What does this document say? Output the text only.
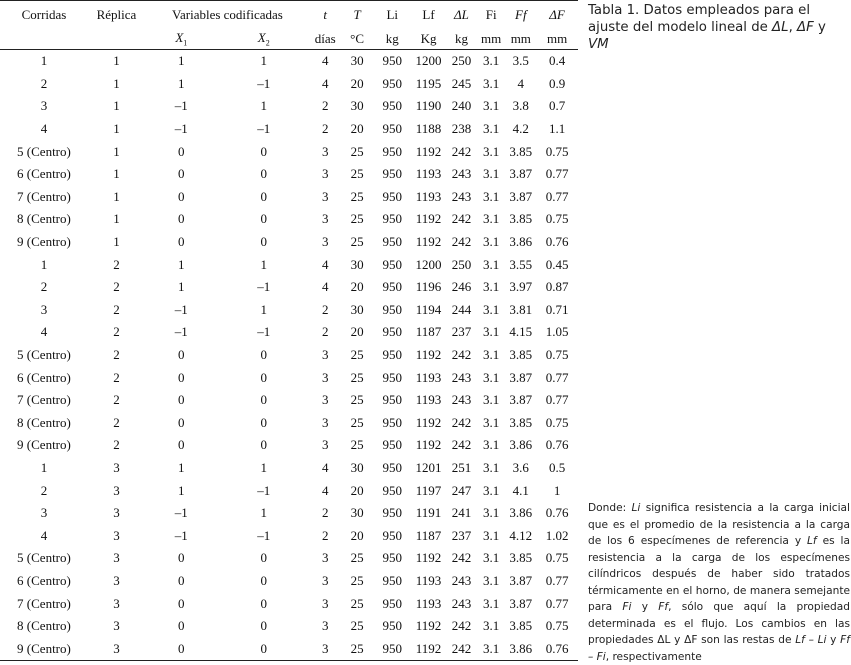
Corridas	Réplica	Variables codificadas		t	T	Li	Lf	ΔL	Fi	Ff	ΔF
		$X_1$	$X_2$	días	°C	kg	Kg	kg	mm	mm	mm
1	1	1	1	4	30	950	1200	250	3.1	3.5	0.4
2	1	1	–1	4	20	950	1195	245	3.1	4	0.9
3	1	–1	1	2	30	950	1190	240	3.1	3.8	0.7
4	1	–1	–1	2	20	950	1188	238	3.1	4.2	1.1
5 (Centro)	1	0	0	3	25	950	1192	242	3.1	3.85	0.75
6 (Centro)	1	0	0	3	25	950	1193	243	3.1	3.87	0.77
7 (Centro)	1	0	0	3	25	950	1193	243	3.1	3.87	0.77
8 (Centro)	1	0	0	3	25	950	1192	242	3.1	3.85	0.75
9 (Centro)	1	0	0	3	25	950	1192	242	3.1	3.86	0.76
1	2	1	1	4	30	950	1200	250	3.1	3.55	0.45
2	2	1	–1	4	20	950	1196	246	3.1	3.97	0.87
3	2	–1	1	2	30	950	1194	244	3.1	3.81	0.71
4	2	–1	–1	2	20	950	1187	237	3.1	4.15	1.05
5 (Centro)	2	0	0	3	25	950	1192	242	3.1	3.85	0.75
6 (Centro)	2	0	0	3	25	950	1193	243	3.1	3.87	0.77
7 (Centro)	2	0	0	3	25	950	1193	243	3.1	3.87	0.77
8 (Centro)	2	0	0	3	25	950	1192	242	3.1	3.85	0.75
9 (Centro)	2	0	0	3	25	950	1192	242	3.1	3.86	0.76
1	3	1	1	4	30	950	1201	251	3.1	3.6	0.5
2	3	1	–1	4	20	950	1197	247	3.1	4.1	1
3	3	–1	1	2	30	950	1191	241	3.1	3.86	0.76
4	3	–1	–1	2	20	950	1187	237	3.1	4.12	1.02
5 (Centro)	3	0	0	3	25	950	1192	242	3.1	3.85	0.75
6 (Centro)	3	0	0	3	25	950	1193	243	3.1	3.87	0.77
7 (Centro)	3	0	0	3	25	950	1193	243	3.1	3.87	0.77
8 (Centro)	3	0	0	3	25	950	1192	242	3.1	3.85	0.75
9 (Centro)	3	0	0	3	25	950	1192	242	3.1	3.86	0.76
Tabla 1. Datos empleados para el ajuste del modelo lineal de ΔL, ΔF y VM
Donde: Li significa resistencia a la carga inicial que es el promedio de la resistencia a la carga de los 6 especímenes de referencia y Lf es la resistencia a la carga de los especímenes cilíndricos después de haber sido tratados térmicamente en el horno, de manera semejante para Fi y Ff, sólo que aquí la propiedad determinada es el flujo. Los cambios en las propiedades ΔL y ΔF son las restas de Lf – Li y Ff – Fi, respectivamente
